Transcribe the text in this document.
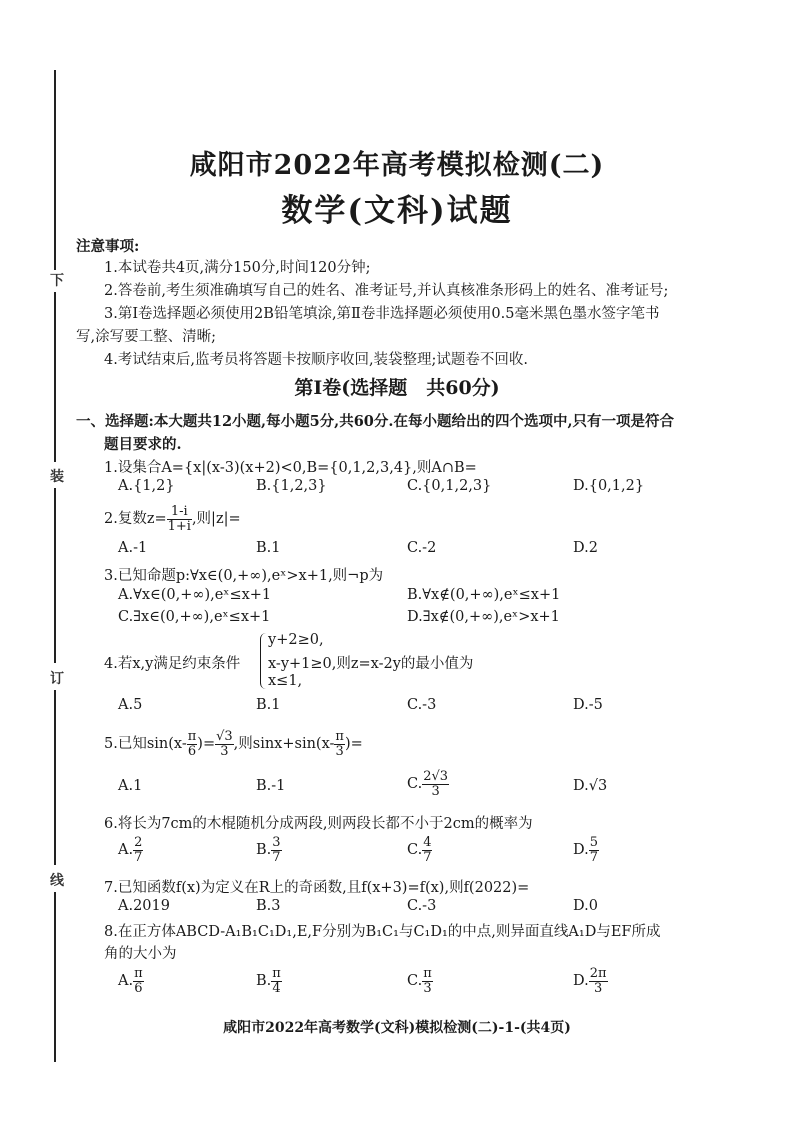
下
装
订
线
咸阳市2022年高考模拟检测(二)
数学(文科)试题
注意事项:
1.本试卷共4页,满分150分,时间120分钟;
2.答卷前,考生须准确填写自己的姓名、准考证号,并认真核准条形码上的姓名、准考证号;
3.第Ⅰ卷选择题必须使用2B铅笔填涂,第Ⅱ卷非选择题必须使用0.5毫米黑色墨水签字笔书
写,涂写要工整、清晰;
4.考试结束后,监考员将答题卡按顺序收回,装袋整理;试题卷不回收.
第Ⅰ卷(选择题　共60分)
一、选择题:本大题共12小题,每小题5分,共60分.在每小题给出的四个选项中,只有一项是符合
题目要求的.
1.设集合A={x|(x-3)(x+2)<0,B={0,1,2,3,4},则A∩B=
A.{1,2}	B.{1,2,3}	C.{0,1,2,3}	D.{0,1,2}
2.复数$z= \frac{1-i}{1+i}$ ,则|z|=
A.-1	B.1	C.-2	D.2
3.已知命题p:∀x∈(0,+∞),eˣ>x+1,则¬p为
A.∀x∈(0,+∞),eˣ≤x+1	B.∀x∉(0,+∞),eˣ≤x+1
C.∃x∈(0,+∞),eˣ≤x+1	D.∃x∉(0,+∞),eˣ>x+1
4.若x,y满足约束条件
y+2≥0,
x-y+1≥0,则z=x-2y的最小值为
x≤1,
A.5	B.1	C.-3	D.-5
5.已知$\sin(x- \frac{\pi}{6}$ )= $\frac{√3}{3}$ ,则$\sin x+\sin(x- \frac{\pi}{3}$ )=
A.1	B.-1	C. $\frac{2√3}{3}$	D.√3
6.将长为7cm的木棍随机分成两段,则两段长都不小于2cm的概率为
A. $\frac{2}{7}$	B. $\frac{3}{7}$	C. $\frac{4}{7}$	D. $\frac{5}{7}$
7.已知函数f(x)为定义在R上的奇函数,且f(x+3)=f(x),则f(2022)=
A.2019	B.3	C.-3	D.0
8.在正方体ABCD-A₁B₁C₁D₁,E,F分别为B₁C₁与C₁D₁的中点,则异面直线A₁D与EF所成
角的大小为
A. $\frac{\pi}{6}$	B. $\frac{\pi}{4}$	C. $\frac{\pi}{3}$	D. $\frac{2\pi}{3}$
咸阳市2022年高考数学(文科)模拟检测(二)-1-(共4页)
